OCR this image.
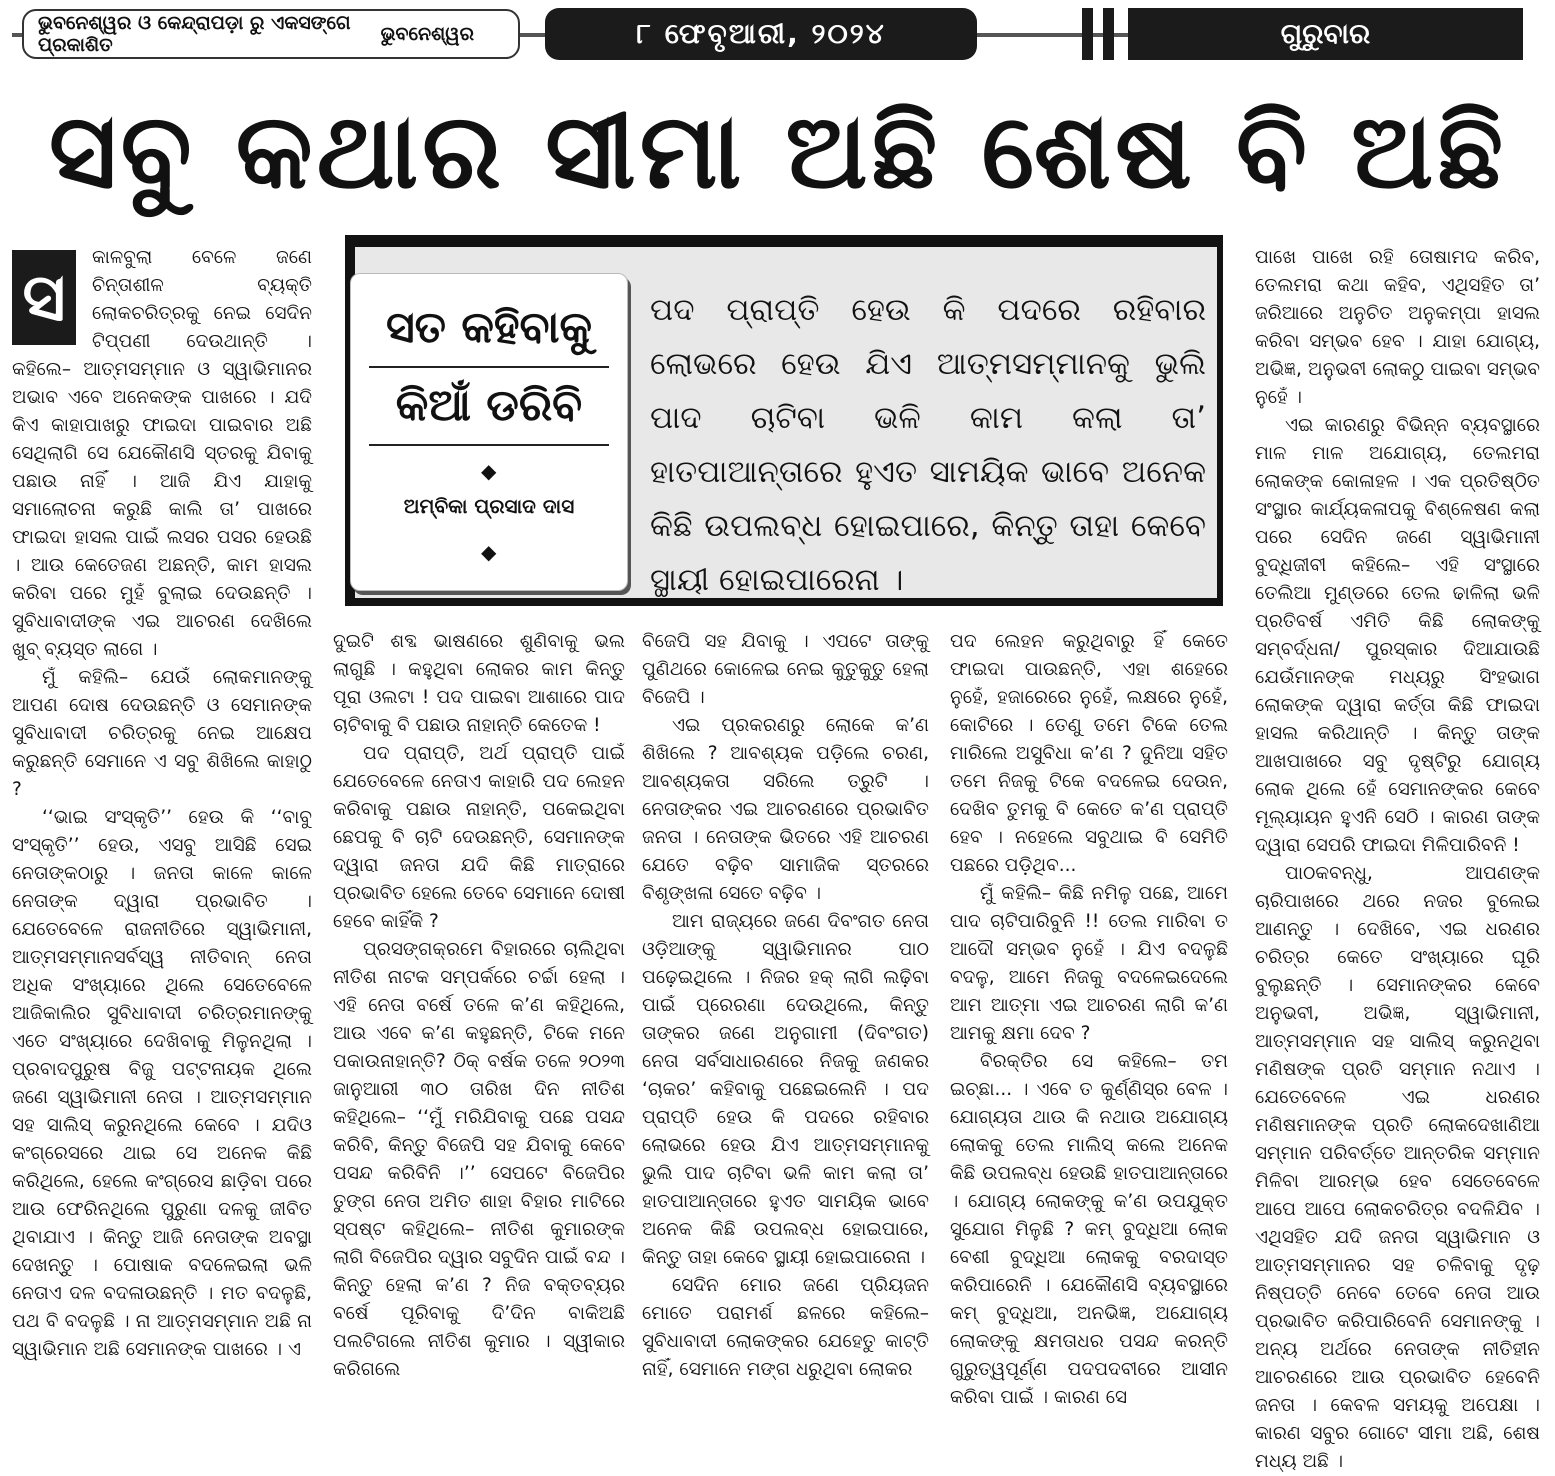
ଭୁବନେଶ୍ୱର ଓ କେନ୍ଦ୍ରାପଡ଼ା ରୁ ଏକସଙ୍ଗେ ପ୍ରକାଶିତ	ଭୁବନେଶ୍ୱର	୮ ଫେବୃଆରୀ, ୨୦୨୪	ଗୁରୁବାର
ସବୁ କଥାର ସୀମା ଅଛି ଶେଷ ବି ଅଛି
ସ

କାଳବୁଲା ବେଳେ ଜଣେ ଚିନ୍ତାଶୀଳ ବ୍ୟକ୍ତି ଲୋକଚରିତ୍ରକୁ ନେଇ ସେଦିନ ଟିପ୍ପଣୀ ଦେଉଥାନ୍ତି । କହିଲେ– ଆତ୍ମସମ୍ମାନ ଓ ସ୍ୱାଭିମାନର ଅଭାବ ଏବେ ଅନେକଙ୍କ ପାଖରେ । ଯଦି କିଏ କାହାପାଖରୁ ଫାଇଦା ପାଇବାର ଅଛି ସେଥିଲାଗି ସେ ଯେକୌଣସି ସ୍ତରକୁ ଯିବାକୁ ପଛାଉ ନାହିଁ । ଆଜି ଯିଏ ଯାହାକୁ ସମାଲୋଚନା କରୁଛି କାଲି ତା’ ପାଖରେ ଫାଇଦା ହାସଲ ପାଇଁ ଲସର ପସର ହେଉଛି । ଆଉ କେତେଜଣ ଅଛନ୍ତି, କାମ ହାସଲ କରିବା ପରେ ମୁହଁ ବୁଲାଇ ଦେଉଛନ୍ତି । ସୁବିଧାବାଦୀଙ୍କ ଏଇ ଆଚରଣ ଦେଖିଲେ ଖୁବ୍ ବ୍ୟସ୍ତ ଲାଗେ ।

ମୁଁ କହିଲି– ଯେଉଁ ଲୋକମାନଙ୍କୁ ଆପଣ ଦୋଷ ଦେଉଛନ୍ତି ଓ ସେମାନଙ୍କ ସୁବିଧାବାଦୀ ଚରିତ୍ରକୁ ନେଇ ଆକ୍ଷେପ କରୁଛନ୍ତି ସେମାନେ ଏ ସବୁ ଶିଖିଲେ କାହାଠୁ ?

‘‘ଭାଇ ସଂସ୍କୃତି’’ ହେଉ କି ‘‘ବାବୁ ସଂସ୍କୃତି’’ ହେଉ, ଏସବୁ ଆସିଛି ସେଇ ନେତାଙ୍କଠାରୁ । ଜନତା କାଳେ କାଳେ ନେତାଙ୍କ ଦ୍ୱାରା ପ୍ରଭାବିତ । ଯେତେବେଳେ ରାଜନୀତିରେ ସ୍ୱାଭିମାନୀ, ଆତ୍ମସମ୍ମାନସର୍ବସ୍ୱ ନୀତିବାନ୍ ନେତା ଅଧିକ ସଂଖ୍ୟାରେ ଥିଲେ ସେତେବେଳେ ଆଜିକାଲିର ସୁବିଧାବାଦୀ ଚରିତ୍ରମାନଙ୍କୁ ଏତେ ସଂଖ୍ୟାରେ ଦେଖିବାକୁ ମିଳୁନଥିଲା । ପ୍ରବାଦପୁରୁଷ ବିଜୁ ପଟ୍ଟନାୟକ ଥିଲେ ଜଣେ ସ୍ୱାଭିମାନୀ ନେତା । ଆତ୍ମସମ୍ମାନ ସହ ସାଲିସ୍ କରୁନଥିଲେ କେବେ । ଯଦିଓ କଂଗ୍ରେସରେ ଥାଇ ସେ ଅନେକ କିଛି କରିଥିଲେ, ହେଲେ କଂଗ୍ରେସ ଛାଡ଼ିବା ପରେ ଆଉ ଫେରିନଥିଲେ ପୁରୁଣା ଦଳକୁ ଜୀବିତ ଥିବାଯାଏ । କିନ୍ତୁ ଆଜି ନେତାଙ୍କ ଅବସ୍ଥା ଦେଖନ୍ତୁ । ପୋଷାକ ବଦଳେଇଲା ଭଳି ନେତାଏ ଦଳ ବଦଳାଉଛନ୍ତି । ମତ ବଦଳୁଛି, ପଥ ବି ବଦଳୁଛି । ନା ଆତ୍ମସମ୍ମାନ ଅଛି ନା ସ୍ୱାଭିମାନ ଅଛି ସେମାନଙ୍କ ପାଖରେ । ଏ

ସତ କହିବାକୁ
କିଆଁ ଡରିବି
◆
ଅମ୍ବିକା ପ୍ରସାଦ ଦାସ
◆

ପଦ ପ୍ରାପ୍ତି ହେଉ କି ପଦରେ ରହିବାର ଲୋଭରେ ହେଉ ଯିଏ ଆତ୍ମସମ୍ମାନକୁ ଭୁଲି ପାଦ ଚାଟିବା ଭଳି କାମ କଲା ତା’ ହାତପାଆନ୍ତାରେ ହୁଏତ ସାମୟିକ ଭାବେ ଅନେକ କିଛି ଉପଲବ୍ଧ ହୋଇପାରେ, କିନ୍ତୁ ତାହା କେବେ ସ୍ଥାୟୀ ହୋଇପାରେନା ।

ଦୁଇଟି ଶବ୍ଦ ଭାଷଣରେ ଶୁଣିବାକୁ ଭଲ ଲାଗୁଛି । କହୁଥିବା ଲୋକର କାମ କିନ୍ତୁ ପୂରା ଓଲଟା ! ପଦ ପାଇବା ଆଶାରେ ପାଦ ଚାଟିବାକୁ ବି ପଛାଉ ନାହାନ୍ତି କେତେକ !

ପଦ ପ୍ରାପ୍ତି, ଅର୍ଥ ପ୍ରାପ୍ତି ପାଇଁ ଯେତେବେଳେ ନେତାଏ କାହାରି ପଦ ଲେହନ କରିବାକୁ ପଛାଉ ନାହାନ୍ତି, ପକେଇଥିବା ଛେପକୁ ବି ଚାଟି ଦେଉଛନ୍ତି, ସେମାନଙ୍କ ଦ୍ୱାରା ଜନତା ଯଦି କିଛି ମାତ୍ରାରେ ପ୍ରଭାବିତ ହେଲେ ତେବେ ସେମାନେ ଦୋଷୀ ହେବେ କାହିଁକି ?

ପ୍ରସଙ୍ଗକ୍ରମେ ବିହାରରେ ଚାଲିଥିବା ନୀତିଶ ନାଟକ ସମ୍ପର୍କରେ ଚର୍ଚ୍ଚା ହେଲା । ଏହି ନେତା ବର୍ଷେ ତଳେ କ’ଣ କହିଥିଲେ, ଆଉ ଏବେ କ’ଣ କହୁଛନ୍ତି, ଟିକେ ମନେ ପକାଉନାହାନ୍ତି? ଠିକ୍ ବର୍ଷକ ତଳେ ୨୦୨୩ ଜାନୁଆରୀ ୩୦ ତାରିଖ ଦିନ ନୀତିଶ କହିଥିଲେ– ‘‘ମୁଁ ମରିଯିବାକୁ ପଛେ ପସନ୍ଦ କରିବି, କିନ୍ତୁ ବିଜେପି ସହ ଯିବାକୁ କେବେ ପସନ୍ଦ କରିବିନି ।’’ ସେପଟେ ବିଜେପିର ତୁଙ୍ଗ ନେତା ଅମିତ ଶାହା ବିହାର ମାଟିରେ ସ୍ପଷ୍ଟ କହିଥିଲେ– ନୀତିଶ କୁମାରଙ୍କ ଲାଗି ବିଜେପିର ଦ୍ୱାର ସବୁଦିନ ପାଇଁ ବନ୍ଦ । କିନ୍ତୁ ହେଲା କ’ଣ ? ନିଜ ବକ୍ତବ୍ୟର ବର୍ଷେ ପୂରିବାକୁ ଦି’ଦିନ ବାକିଅଛି ପଲଟିଗଲେ ନୀତିଶ କୁମାର । ସ୍ୱୀକାର କରିଗଲେ

ବିଜେପି ସହ ଯିବାକୁ । ଏପଟେ ତାଙ୍କୁ ପୁଣିଥରେ କୋଳେଇ ନେଇ କୁତୁକୁତୁ ହେଲା ବିଜେପି ।

ଏଇ ପ୍ରକରଣରୁ ଲୋକେ କ’ଣ ଶିଖିଲେ ? ଆବଶ୍ୟକ ପଡ଼ିଲେ ଚରଣ, ଆବଶ୍ୟକତା ସରିଲେ ତ୍ରୁଟି । ନେତାଙ୍କର ଏଇ ଆଚରଣରେ ପ୍ରଭାବିତ ଜନତା । ନେତାଙ୍କ ଭିତରେ ଏହି ଆଚରଣ ଯେତେ ବଢ଼ିବ ସାମାଜିକ ସ୍ତରରେ ବିଶୃଙ୍ଖଳା ସେତେ ବଢ଼ିବ ।

ଆମ ରାଜ୍ୟରେ ଜଣେ ଦିବଂଗତ ନେତା ଓଡ଼ିଆଙ୍କୁ ସ୍ୱାଭିମାନର ପାଠ ପଢ଼େଇଥିଲେ । ନିଜର ହକ୍ ଲାଗି ଲଢ଼ିବା ପାଇଁ ପ୍ରେରଣା ଦେଉଥିଲେ, କିନ୍ତୁ ତାଙ୍କର ଜଣେ ଅନୁଗାମୀ (ଦିବଂଗତ) ନେତା ସର୍ବସାଧାରଣରେ ନିଜକୁ ଜଣକର ‘ଚାକର’ କହିବାକୁ ପଛେଇଲେନି । ପଦ ପ୍ରାପ୍ତି ହେଉ କି ପଦରେ ରହିବାର ଲୋଭରେ ହେଉ ଯିଏ ଆତ୍ମସମ୍ମାନକୁ ଭୁଲି ପାଦ ଚାଟିବା ଭଳି କାମ କଲା ତା’ ହାତପାଆନ୍ତାରେ ହୁଏତ ସାମୟିକ ଭାବେ ଅନେକ କିଛି ଉପଲବ୍ଧ ହୋଇପାରେ, କିନ୍ତୁ ତାହା କେବେ ସ୍ଥାୟୀ ହୋଇପାରେନା ।

ସେଦିନ ମୋର ଜଣେ ପ୍ରିୟଜନ ମୋତେ ପରାମର୍ଶ ଛଳରେ କହିଲେ– ସୁବିଧାବାଦୀ ଲୋକଙ୍କର ଯେହେତୁ କାଟ୍ତି ନାହିଁ, ସେମାନେ ମଙ୍ଗ ଧରୁଥିବା ଲୋକର

ପଦ ଲେହନ କରୁଥିବାରୁ ହିଁ କେତେ ଫାଇଦା ପାଉଛନ୍ତି, ଏହା ଶହେରେ ନୁହେଁ, ହଜାରେରେ ନୁହେଁ, ଲକ୍ଷରେ ନୁହେଁ, କୋଟିରେ । ତେଣୁ ତମେ ଟିକେ ତେଲ ମାରିଲେ ଅସୁବିଧା କ’ଣ ? ଦୁନିଆ ସହିତ ତମେ ନିଜକୁ ଟିକେ ବଦଳେଇ ଦେଉନ, ଦେଖିବ ତୁମକୁ ବି କେତେ କ’ଣ ପ୍ରାପ୍ତି ହେବ । ନହେଲେ ସବୁଥାଇ ବି ସେମିତି ପଛରେ ପଡ଼ିଥିବ...

ମୁଁ କହିଲି– କିଛି ନମିଳୁ ପଛେ, ଆମେ ପାଦ ଚାଟିପାରିବୁନି !! ତେଲ ମାରିବା ତ ଆଦୌ ସମ୍ଭବ ନୁହେଁ । ଯିଏ ବଦଳୁଛି ବଦଳୁ, ଆମେ ନିଜକୁ ବଦଳେଇଦେଲେ ଆମ ଆତ୍ମା ଏଇ ଆଚରଣ ଲାଗି କ’ଣ ଆମକୁ କ୍ଷମା ଦେବ ?

ବିରକ୍ତିର ସେ କହିଲେ– ତମ ଇଚ୍ଛା... । ଏବେ ତ କୁର୍ଣ୍ଣିସ୍‌ର ବେଳ । ଯୋଗ୍ୟତା ଥାଉ କି ନଥାଉ ଅଯୋଗ୍ୟ ଲୋକକୁ ତେଲ ମାଲିସ୍ କଲେ ଅନେକ କିଛି ଉପଲବ୍ଧ ହେଉଛି ହାତପାଆନ୍ତାରେ । ଯୋଗ୍ୟ ଲୋକଙ୍କୁ କ’ଣ ଉପଯୁକ୍ତ ସୁଯୋଗ ମିଳୁଛି ? କମ୍ ବୁଦ୍ଧିଆ ଲୋକ ବେଶୀ ବୁଦ୍ଧିଆ ଲୋକକୁ ବରଦାସ୍ତ କରିପାରେନି । ଯେକୌଣସି ବ୍ୟବସ୍ଥାରେ କମ୍ ବୁଦ୍ଧିଆ, ଅନଭିଜ୍ଞ, ଅଯୋଗ୍ୟ ଲୋକଙ୍କୁ କ୍ଷମତାଧର ପସନ୍ଦ କରନ୍ତି ଗୁରୁତ୍ୱପୂର୍ଣ୍ଣ ପଦପଦବୀରେ ଆସୀନ କରିବା ପାଇଁ । କାରଣ ସେ

ପାଖେ ପାଖେ ରହି ତୋଷାମଦ କରିବ, ତେଲମରା କଥା କହିବ, ଏଥିସହିତ ତା’ ଜରିଆରେ ଅନୁଚିତ ଅନୁକମ୍ପା ହାସଲ କରିବା ସମ୍ଭବ ହେବ । ଯାହା ଯୋଗ୍ୟ, ଅଭିଜ୍ଞ, ଅନୁଭବୀ ଲୋକଠୁ ପାଇବା ସମ୍ଭବ ନୁହେଁ ।

ଏଇ କାରଣରୁ ବିଭିନ୍ନ ବ୍ୟବସ୍ଥାରେ ମାଳ ମାଳ ଅଯୋଗ୍ୟ, ତେଲମରା ଲୋକଙ୍କ କୋଳାହଳ । ଏକ ପ୍ରତିଷ୍ଠିତ ସଂସ୍ଥାର କାର୍ଯ୍ୟକଳାପକୁ ବିଶ୍ଳେଷଣ କଲା ପରେ ସେଦିନ ଜଣେ ସ୍ୱାଭିମାନୀ ବୁଦ୍ଧିଜୀବୀ କହିଲେ– ଏହି ସଂସ୍ଥାରେ ତେଲିଆ ମୁଣ୍ଡରେ ତେଲ ଢାଳିଲା ଭଳି ପ୍ରତିବର୍ଷ ଏମିତି କିଛି ଲୋକଙ୍କୁ ସମ୍ବର୍ଦ୍ଧନା/ ପୁରସ୍କାର ଦିଆଯାଉଛି ଯେଉଁମାନଙ୍କ ମଧ୍ୟରୁ ସିଂହଭାଗ ଲୋକଙ୍କ ଦ୍ୱାରା କର୍ତ୍ତା କିଛି ଫାଇଦା ହାସଲ କରିଥାନ୍ତି । କିନ୍ତୁ ତାଙ୍କ ଆଖପାଖରେ ସବୁ ଦୃଷ୍ଟିରୁ ଯୋଗ୍ୟ ଲୋକ ଥିଲେ ହେଁ ସେମାନଙ୍କର କେବେ ମୂଲ୍ୟାୟନ ହୁଏନି ସେଠି । କାରଣ ତାଙ୍କ ଦ୍ୱାରା ସେପରି ଫାଇଦା ମିଳିପାରିବନି !

ପାଠକବନ୍ଧୁ, ଆପଣଙ୍କ ଚାରିପାଖରେ ଥରେ ନଜର ବୁଲେଇ ଆଣନ୍ତୁ । ଦେଖିବେ, ଏଇ ଧରଣର ଚରିତ୍ର କେତେ ସଂଖ୍ୟାରେ ଘୂରି ବୁଲୁଛନ୍ତି । ସେମାନଙ୍କର କେବେ ଅନୁଭବୀ, ଅଭିଜ୍ଞ, ସ୍ୱାଭିମାନୀ, ଆତ୍ମସମ୍ମାନ ସହ ସାଲିସ୍ କରୁନଥିବା ମଣିଷଙ୍କ ପ୍ରତି ସମ୍ମାନ ନଥାଏ । ଯେତେବେଳେ ଏଇ ଧରଣର ମଣିଷମାନଙ୍କ ପ୍ରତି ଲୋକଦେଖାଣିଆ ସମ୍ମାନ ପରିବର୍ତ୍ତେ ଆନ୍ତରିକ ସମ୍ମାନ ମିଳିବା ଆରମ୍ଭ ହେବ ସେତେବେଳେ ଆପେ ଆପେ ଲୋକଚରିତ୍ର ବଦଳିଯିବ । ଏଥିସହିତ ଯଦି ଜନତା ସ୍ୱାଭିମାନ ଓ ଆତ୍ମସମ୍ମାନର ସହ ଚଳିବାକୁ ଦୃଢ଼ ନିଷ୍ପତ୍ତି ନେବେ ତେବେ ନେତା ଆଉ ପ୍ରଭାବିତ କରିପାରିବେନି ସେମାନଙ୍କୁ । ଅନ୍ୟ ଅର୍ଥରେ ନେତାଙ୍କ ନୀତିହୀନ ଆଚରଣରେ ଆଉ ପ୍ରଭାବିତ ହେବେନି ଜନତା । କେବଳ ସମୟକୁ ଅପେକ୍ଷା । କାରଣ ସବୁର ଗୋଟେ ସୀମା ଅଛି, ଶେଷ ମଧ୍ୟ ଅଛି ।
